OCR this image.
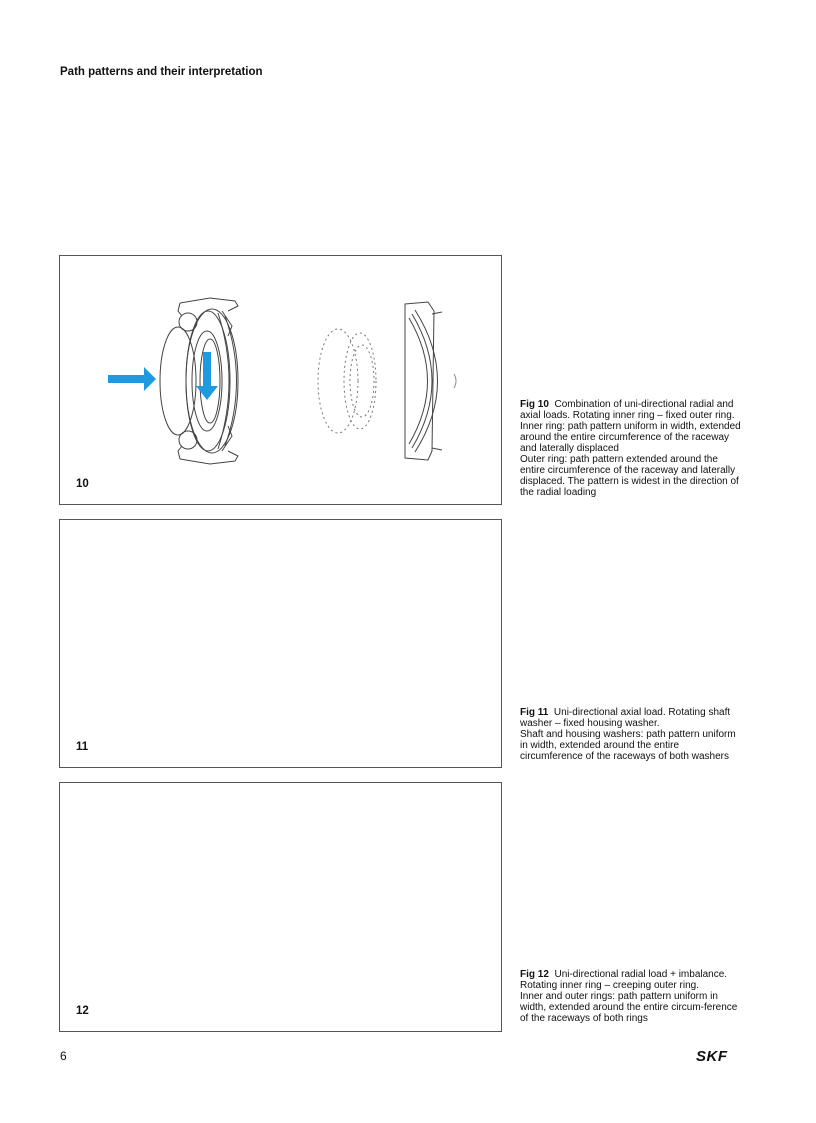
Path patterns and their interpretation
10
11
12

Fig 10 Combination of uni-directional radial and axial loads. Rotating inner ring – fixed outer ring.

Inner ring: path pattern uniform in width, extended around the entire circumference of the raceway and laterally displaced

Outer ring: path pattern extended around the entire circumference of the raceway and laterally displaced. The pattern is widest in the direction of the radial loading

Fig 11 Uni-directional axial load. Rotating shaft washer – fixed housing washer.

Shaft and housing washers: path pattern uniform in width, extended around the entire circumference of the raceways of both washers

Fig 12 Uni-directional radial load + imbalance. Rotating inner ring – creeping outer ring.

Inner and outer rings: path pattern uniform in width, extended around the entire circum-ference of the raceways of both rings

6	SKF
